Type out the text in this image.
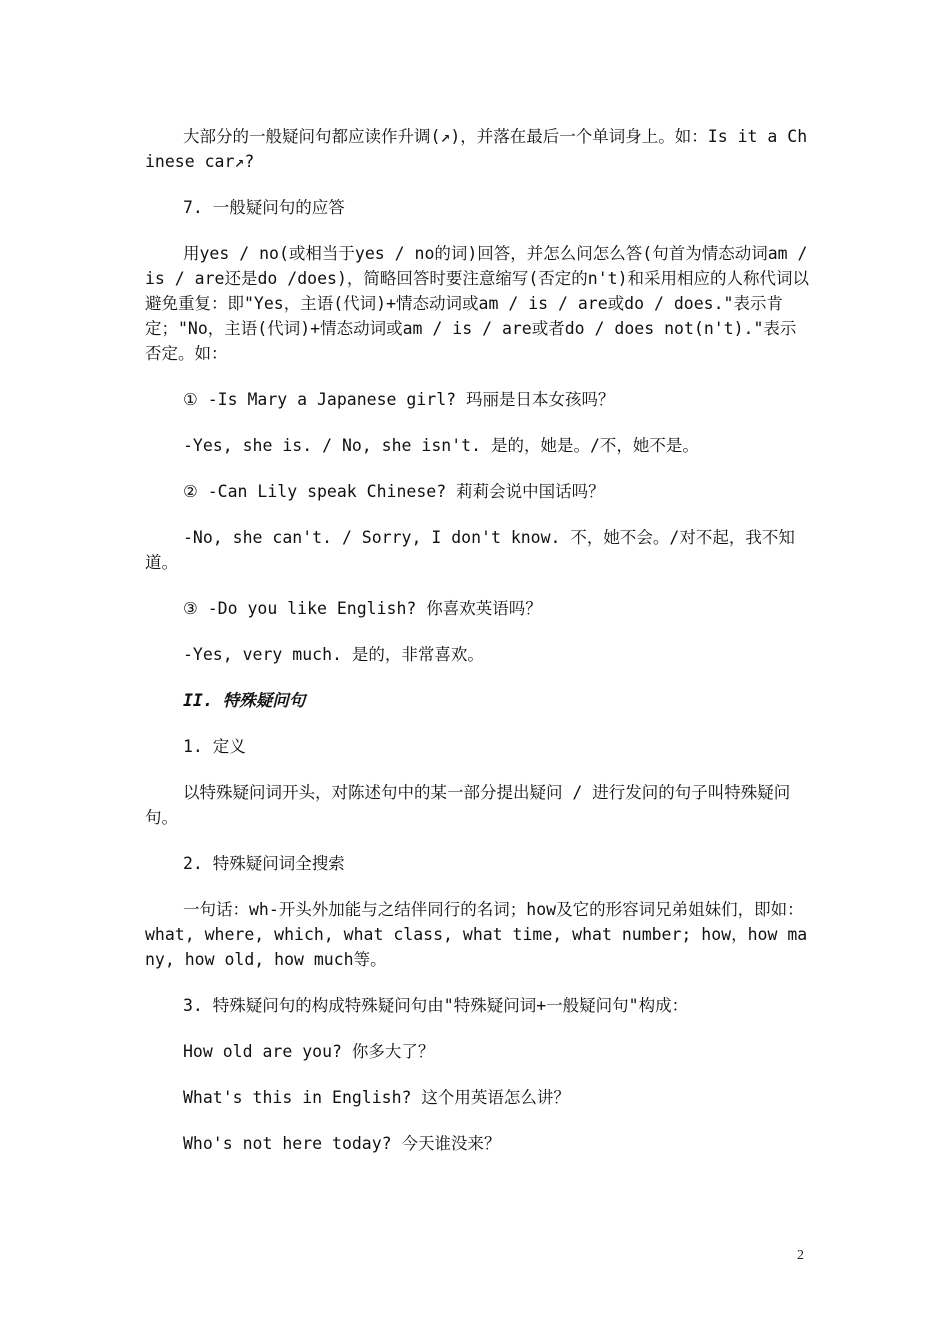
大部分的一般疑问句都应读作升调(↗)，并落在最后一个单词身上。如：Is it a Chinese car↗?

7. 一般疑问句的应答

用yes / no(或相当于yes / no的词)回答，并怎么问怎么答(句首为情态动词am / is / are还是do /does)，简略回答时要注意缩写(否定的n't)和采用相应的人称代词以避免重复：即"Yes，主语(代词)+情态动词或am / is / are或do / does."表示肯定；"No，主语(代词)+情态动词或am / is / are或者do / does not(n't)."表示否定。如：

① -Is Mary a Japanese girl? 玛丽是日本女孩吗？

-Yes, she is. / No, she isn't. 是的，她是。/不，她不是。

② -Can Lily speak Chinese? 莉莉会说中国话吗？

-No, she can't. / Sorry, I don't know. 不，她不会。/对不起，我不知道。

③ -Do you like English? 你喜欢英语吗？

-Yes, very much. 是的，非常喜欢。

II. 特殊疑问句

1. 定义

以特殊疑问词开头，对陈述句中的某一部分提出疑问 / 进行发问的句子叫特殊疑问句。

2. 特殊疑问词全搜索

一句话：wh-开头外加能与之结伴同行的名词；how及它的形容词兄弟姐妹们，即如：what, where, which, what class, what time, what number; how，how many, how old, how much等。

3. 特殊疑问句的构成特殊疑问句由"特殊疑问词+一般疑问句"构成：

How old are you? 你多大了？

What's this in English? 这个用英语怎么讲？

Who's not here today? 今天谁没来？

2
